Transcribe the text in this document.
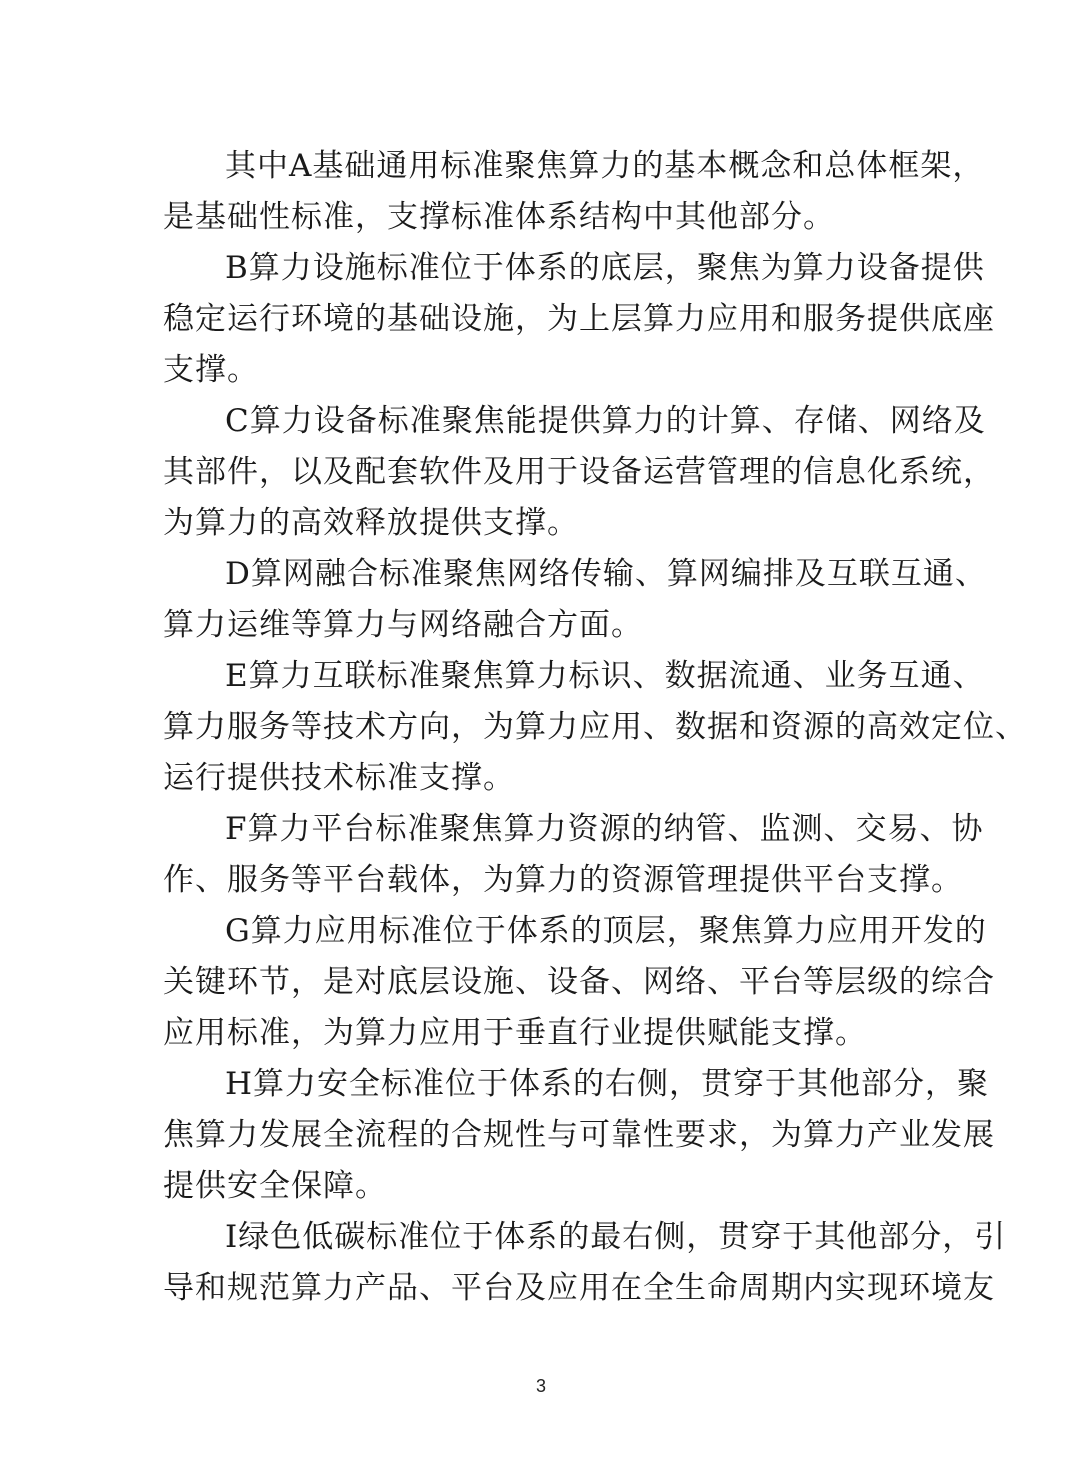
其中A基础通用标准聚焦算力的基本概念和总体框架，
是基础性标准，支撑标准体系结构中其他部分。
B算力设施标准位于体系的底层，聚焦为算力设备提供
稳定运行环境的基础设施，为上层算力应用和服务提供底座
支撑。
C算力设备标准聚焦能提供算力的计算、存储、网络及
其部件，以及配套软件及用于设备运营管理的信息化系统，
为算力的高效释放提供支撑。
D算网融合标准聚焦网络传输、算网编排及互联互通、
算力运维等算力与网络融合方面。
E算力互联标准聚焦算力标识、数据流通、业务互通、
算力服务等技术方向，为算力应用、数据和资源的高效定位、
运行提供技术标准支撑。
F算力平台标准聚焦算力资源的纳管、监测、交易、协
作、服务等平台载体，为算力的资源管理提供平台支撑。
G算力应用标准位于体系的顶层，聚焦算力应用开发的
关键环节，是对底层设施、设备、网络、平台等层级的综合
应用标准，为算力应用于垂直行业提供赋能支撑。
H算力安全标准位于体系的右侧，贯穿于其他部分，聚
焦算力发展全流程的合规性与可靠性要求，为算力产业发展
提供安全保障。
I绿色低碳标准位于体系的最右侧，贯穿于其他部分，引
导和规范算力产品、平台及应用在全生命周期内实现环境友
3
